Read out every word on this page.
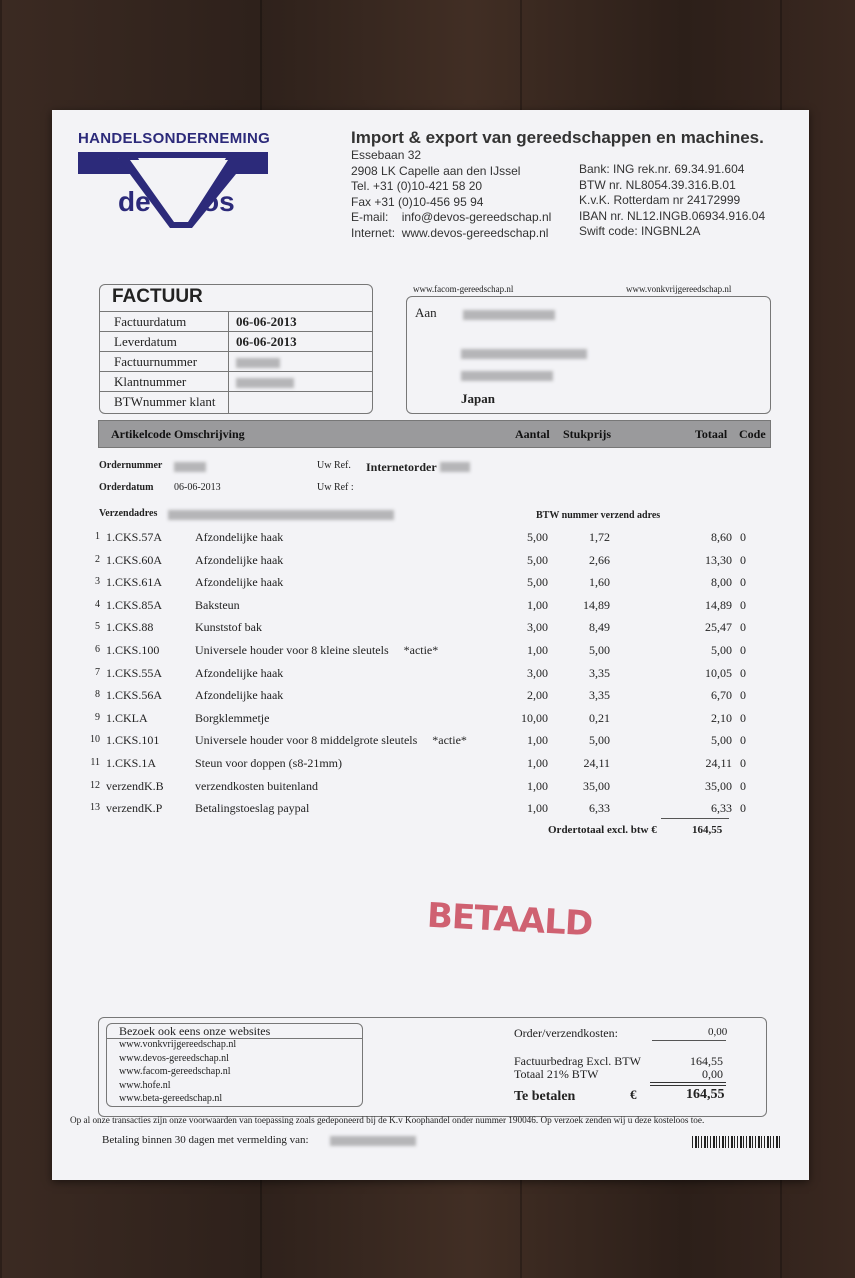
HANDELSONDERNEMING
de os
Import & export van gereedschappen en machines.
Essebaan 32
2908 LK Capelle aan den IJssel
Tel. +31 (0)10-421 58 20
Fax +31 (0)10-456 95 94
E-mail: info@devos-gereedschap.nl
Internet: www.devos-gereedschap.nl
Bank: ING rek.nr. 69.34.91.604
BTW nr. NL8054.39.316.B.01
K.v.K. Rotterdam nr 24172999
IBAN nr. NL12.INGB.06934.916.04
Swift code: INGBNL2A
FACTUUR
Factuurdatum	06-06-2013
Leverdatum	06-06-2013
Factuurnummer
Klantnummer
BTWnummer klant
www.facom-gereedschap.nl	www.vonkvrijgereedschap.nl
Aan
Japan
Artikelcode Omschrijving	Aantal Stukprijs	Totaal Code
Ordernummer	Uw Ref. Internetorder
Orderdatum 06-06-2013	Uw Ref :
Verzendadres	BTW nummer verzend adres
1 1.CKS.57A	Afzondelijke haak	5,00	1,72	8,60 0
2 1.CKS.60A	Afzondelijke haak	5,00	2,66	13,30 0
3 1.CKS.61A	Afzondelijke haak	5,00	1,60	8,00 0
4 1.CKS.85A	Baksteun	1,00	14,89	14,89 0
5 1.CKS.88	Kunststof bak	3,00	8,49	25,47 0
6 1.CKS.100	Universele houder voor 8 kleine sleutels     *actie*	1,00	5,00	5,00 0
7 1.CKS.55A	Afzondelijke haak	3,00	3,35	10,05 0
8 1.CKS.56A	Afzondelijke haak	2,00	3,35	6,70 0
9 1.CKLA	Borgklemmetje	10,00	0,21	2,10 0
10 1.CKS.101	Universele houder voor 8 middelgrote sleutels     *actie*	1,00	5,00	5,00 0
11 1.CKS.1A	Steun voor doppen (s8-21mm)	1,00	24,11	24,11 0
12 verzendK.B	verzendkosten buitenland	1,00	35,00	35,00 0
13 verzendK.P	Betalingstoeslag paypal	1,00	6,33	6,33 0
Ordertotaal excl. btw €	164,55
BETAALD
Bezoek ook eens onze websites
www.vonkvrijgereedschap.nl
www.devos-gereedschap.nl
www.facom-gereedschap.nl
www.hofe.nl
www.beta-gereedschap.nl
Order/verzendkosten:	0,00
Factuurbedrag Excl. BTW	164,55
Totaal 21% BTW	0,00
Te betalen	€	164,55
Op al onze transacties zijn onze voorwaarden van toepassing zoals gedeponeerd bij de K.v Koophandel onder nummer 190046. Op verzoek zenden wij u deze kosteloos toe.
Betaling binnen 30 dagen met vermelding van:
